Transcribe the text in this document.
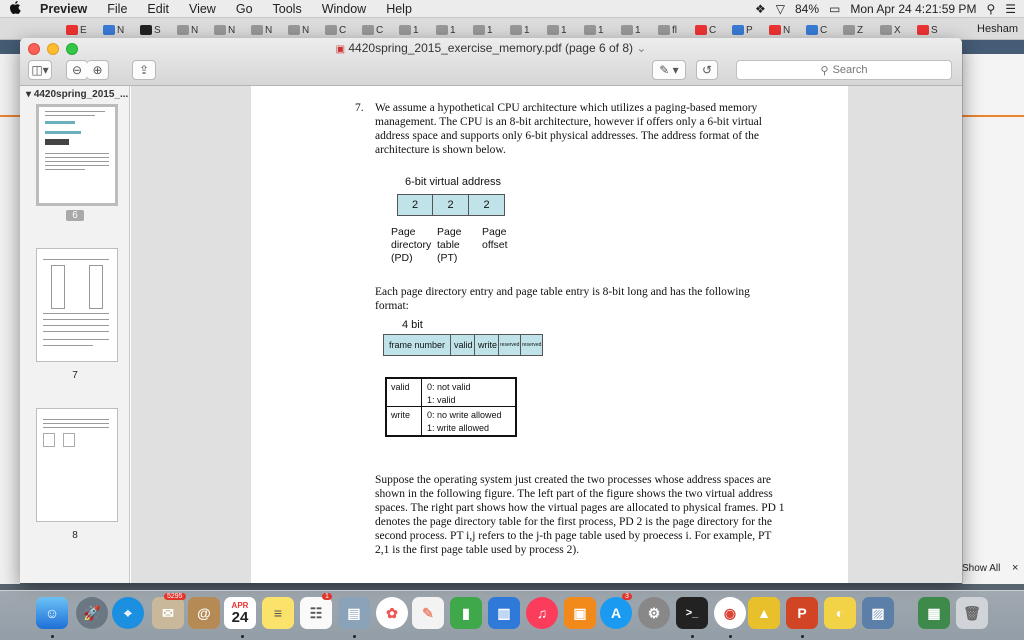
Preview	File	Edit	View	Go	Tools	Window	Help	❖ ▽ 84% ▭ Mon Apr 24 4:21:59 PM ⚲ ☰
E	N	S	N	N	N	N	C	C	1	1	1	1	1	1	1	fl	C	P	N	C	Z	X	S	Hesham
Show All ×
▣ 4420spring_2015_exercise_memory.pdf (page 6 of 8) ⌄
◫▾ ⊖ ⊕	⇪	✎ ▾ ↺	⚲ Search
▾ 4420spring_2015_...
6
7
8
7. We assume a hypothetical CPU architecture which utilizes a paging-based memory management. The CPU is an 8-bit architecture, however if offers only a 6-bit virtual address space and supports only 6-bit physical addresses. The address format of the architecture is shown below.
6-bit virtual address
2	2	2
Page directory (PD)
Page table (PT)
Page offset
Each page directory entry and page table entry is 8-bit long and has the following format:
4 bit
frame number valid write reserved reserved
valid 0: not valid
1: valid
write 0: no write allowed
1: write allowed
Suppose the operating system just created the two processes whose address spaces are shown in the following figure. The left part of the figure shows the two virtual address spaces. The right part shows how the virtual pages are allocated to physical frames. PD 1 denotes the page directory table for the first process, PD 2 is the page directory for the second process. PT i,j refers to the j-th page table used by proecess i. For example, PT 2,1 is the first page table used by process 2).
☺	🚀	⌖	✉
5295
@	APR
24	≡	☷
1
▤	✿	✎	▮	▥	♫	▣	A
3
⚙	>_	◉	▲	P	◐	▨	▦	🗑
